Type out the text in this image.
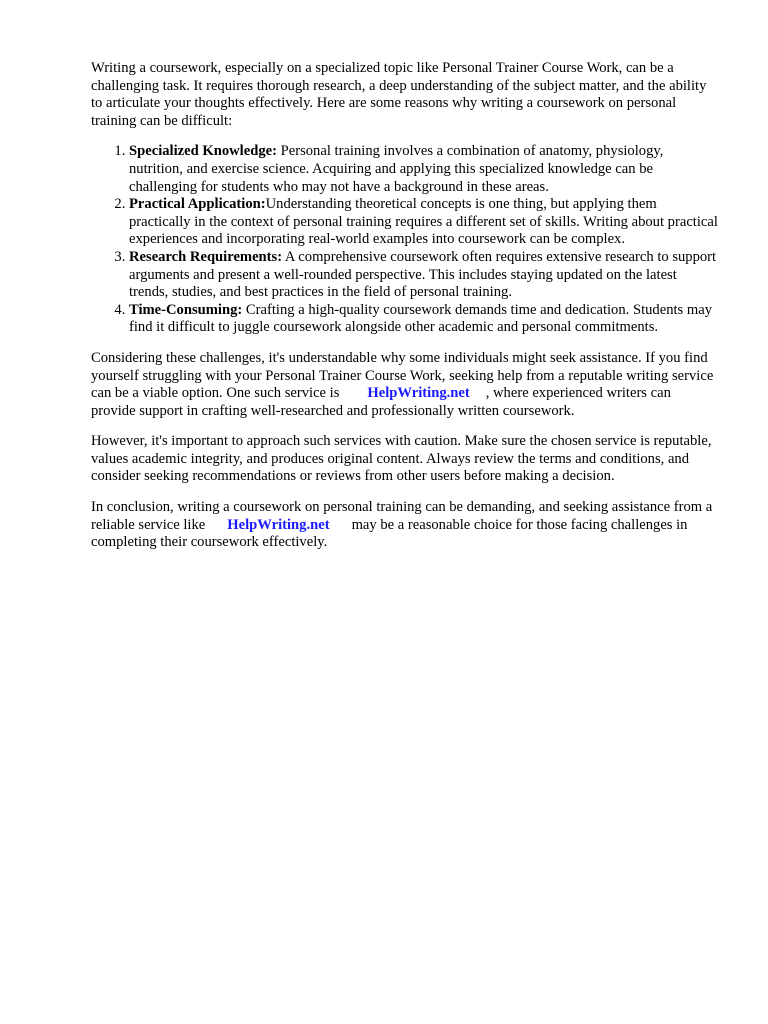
Writing a coursework, especially on a specialized topic like Personal Trainer Course Work, can be a challenging task. It requires thorough research, a deep understanding of the subject matter, and the ability to articulate your thoughts effectively. Here are some reasons why writing a coursework on personal training can be difficult:

1. Specialized Knowledge: Personal training involves a combination of anatomy, physiology, nutrition, and exercise science. Acquiring and applying this specialized knowledge can be challenging for students who may not have a background in these areas.
2. Practical Application:Understanding theoretical concepts is one thing, but applying them practically in the context of personal training requires a different set of skills. Writing about practical experiences and incorporating real-world examples into coursework can be complex.
3. Research Requirements: A comprehensive coursework often requires extensive research to support arguments and present a well-rounded perspective. This includes staying updated on the latest trends, studies, and best practices in the field of personal training.
4. Time-Consuming: Crafting a high-quality coursework demands time and dedication. Students may find it difficult to juggle coursework alongside other academic and personal commitments.

Considering these challenges, it's understandable why some individuals might seek assistance. If you find yourself struggling with your Personal Trainer Course Work, seeking help from a reputable writing service can be a viable option. One such service is HelpWriting.net , where experienced writers can provide support in crafting well-researched and professionally written coursework.

However, it's important to approach such services with caution. Make sure the chosen service is reputable, values academic integrity, and produces original content. Always review the terms and conditions, and consider seeking recommendations or reviews from other users before making a decision.

In conclusion, writing a coursework on personal training can be demanding, and seeking assistance from a reliable service like HelpWriting.net may be a reasonable choice for those facing challenges in completing their coursework effectively.
